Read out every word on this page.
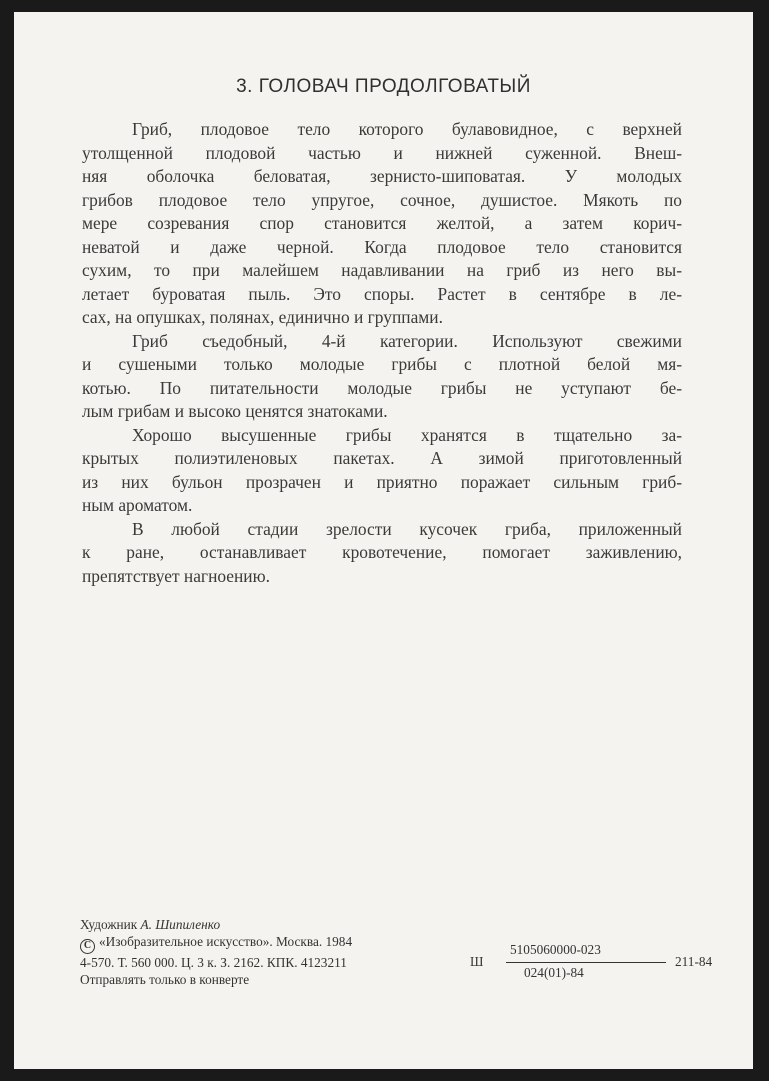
3. ГОЛОВАЧ ПРОДОЛГОВАТЫЙ
Гриб, плодовое тело которого булавовидное, с верхней
утолщенной плодовой частью и нижней суженной. Внеш-
няя оболочка беловатая, зернисто-шиповатая. У молодых
грибов плодовое тело упругое, сочное, душистое. Мякоть по
мере созревания спор становится желтой, а затем корич-
неватой и даже черной. Когда плодовое тело становится
сухим, то при малейшем надавливании на гриб из него вы-
летает буроватая пыль. Это споры. Растет в сентябре в ле-
сах, на опушках, полянах, единично и группами.
Гриб съедобный, 4-й категории. Используют свежими
и сушеными только молодые грибы с плотной белой мя-
котью. По питательности молодые грибы не уступают бе-
лым грибам и высоко ценятся знатоками.
Хорошо высушенные грибы хранятся в тщательно за-
крытых полиэтиленовых пакетах. А зимой приготовленный
из них бульон прозрачен и приятно поражает сильным гриб-
ным ароматом.
В любой стадии зрелости кусочек гриба, приложенный
к ране, останавливает кровотечение, помогает заживлению,
препятствует нагноению.
Художник А. Шипиленко
C «Изобразительное искусство». Москва. 1984
4-570. Т. 560 000. Ц. 3 к. З. 2162. КПК. 4123211
Отправлять только в конверте
Ш
5105060000-023
024(01)-84
211-84
